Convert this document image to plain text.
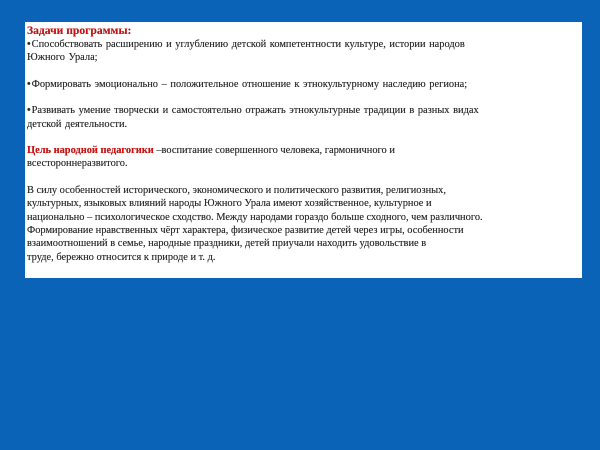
Задачи программы:

•Способствовать расширению и углублению детской компетентности культуре, истории народов
Южного Урала;

•Формировать эмоционально – положительное отношение к этнокультурному наследию региона;

•Развивать умение творчески и самостоятельно отражать этнокультурные традиции в разных видах
детской деятельности.

Цель народной педагогики –воспитание совершенного человека, гармоничного и
всестороннеразвитого.

В силу особенностей исторического, экономического и политического развития, религиозных,
культурных, языковых влияний народы Южного Урала имеют хозяйственное, культурное и
национально – психологическое сходство. Между народами гораздо больше сходного, чем различного.
Формирование нравственных чёрт характера, физическое развитие детей через игры, особенности
взаимоотношений в семье, народные праздники, детей приучали находить удовольствие в
труде, бережно относится к природе и т. д.
